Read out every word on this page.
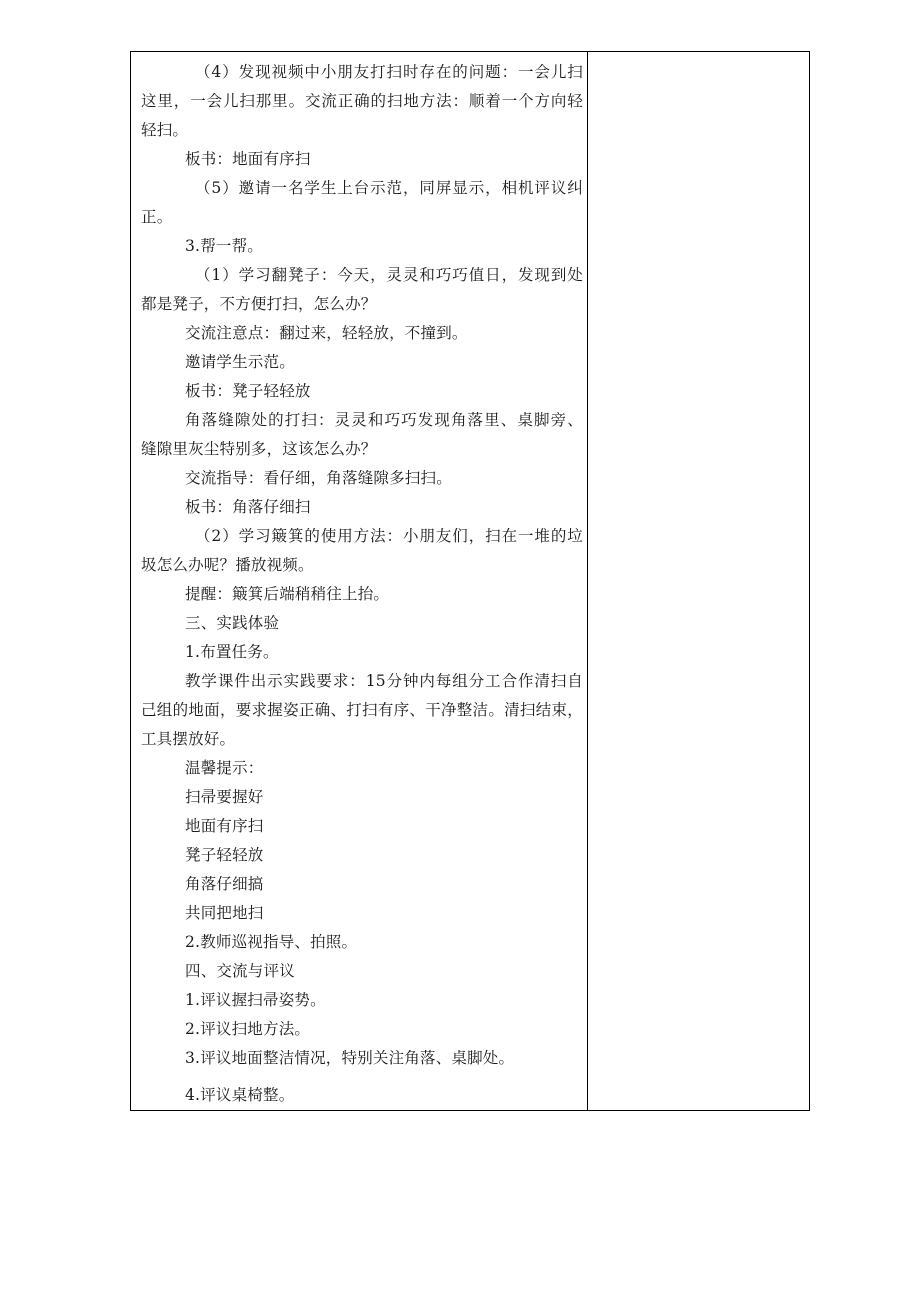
（4）发现视频中小朋友打扫时存在的问题：一会儿扫
这里，一会儿扫那里。交流正确的扫地方法：顺着一个方向轻
轻扫。
板书：地面有序扫
（5）邀请一名学生上台示范，同屏显示，相机评议纠
正。
3.帮一帮。
（1）学习翻凳子：今天，灵灵和巧巧值日，发现到处
都是凳子，不方便打扫，怎么办？
交流注意点：翻过来，轻轻放，不撞到。
邀请学生示范。
板书：凳子轻轻放
角落缝隙处的打扫：灵灵和巧巧发现角落里、桌脚旁、
缝隙里灰尘特别多，这该怎么办？
交流指导：看仔细，角落缝隙多扫扫。
板书：角落仔细扫
（2）学习簸箕的使用方法：小朋友们，扫在一堆的垃
圾怎么办呢？播放视频。
提醒：簸箕后端稍稍往上抬。
三、实践体验
1.布置任务。
教学课件出示实践要求：15分钟内每组分工合作清扫自
己组的地面，要求握姿正确、打扫有序、干净整洁。清扫结束，
工具摆放好。
温馨提示：
扫帚要握好
地面有序扫
凳子轻轻放
角落仔细搞
共同把地扫
2.教师巡视指导、拍照。
四、交流与评议
1.评议握扫帚姿势。
2.评议扫地方法。
3.评议地面整洁情况，特别关注角落、桌脚处。
4.评议桌椅整。
